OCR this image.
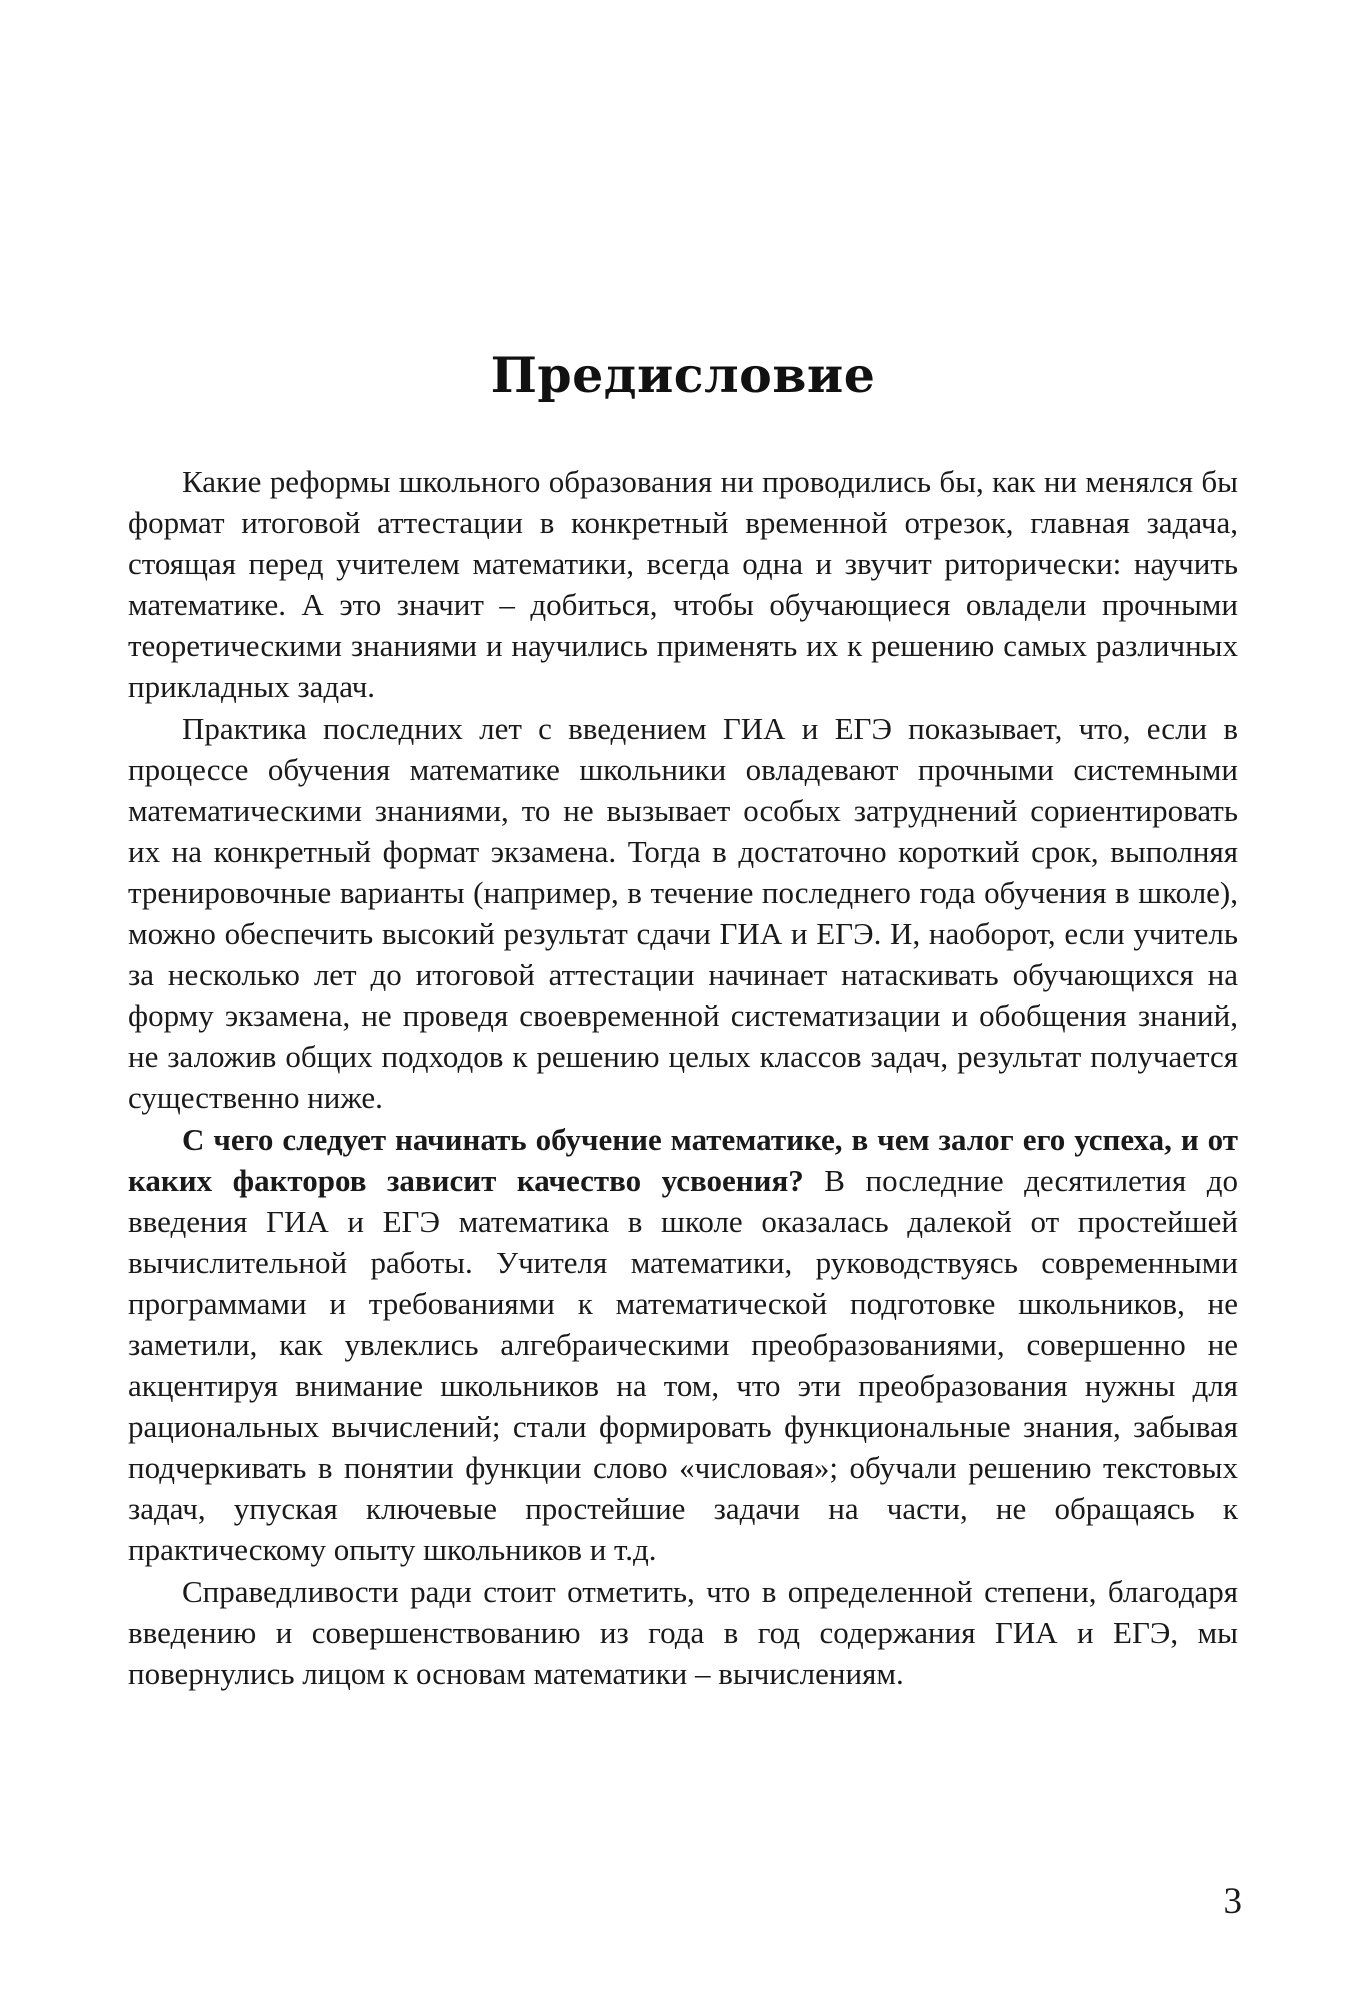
Предисловие

Какие реформы школьного образования ни проводились бы, как ни менялся бы формат итоговой аттестации в конкретный временной отрезок, главная задача, стоящая перед учителем математики, всегда одна и звучит риторически: научить математике. А это значит – добиться, чтобы обучающиеся овладели прочными теоретическими знаниями и научились применять их к решению самых различных прикладных задач.

Практика последних лет с введением ГИА и ЕГЭ показывает, что, если в процессе обучения математике школьники овладевают прочными системными математическими знаниями, то не вызывает особых затруднений сориентировать их на конкретный формат экзамена. Тогда в достаточно короткий срок, выполняя тренировочные варианты (например, в течение последнего года обучения в школе), можно обеспечить высокий результат сдачи ГИА и ЕГЭ. И, наоборот, если учитель за несколько лет до итоговой аттестации начинает натаскивать обучающихся на форму экзамена, не проведя своевременной систематизации и обобщения знаний, не заложив общих подходов к решению целых классов задач, результат получается существенно ниже.

С чего следует начинать обучение математике, в чем залог его успеха, и от каких факторов зависит качество усвоения? В последние десятилетия до введения ГИА и ЕГЭ математика в школе оказалась далекой от простейшей вычислительной работы. Учителя математики, руководствуясь современными программами и требованиями к математической подготовке школьников, не заметили, как увлеклись алгебраическими преобразованиями, совершенно не акцентируя внимание школьников на том, что эти преобразования нужны для рациональных вычислений; стали формировать функциональные знания, забывая подчеркивать в понятии функции слово «числовая»; обучали решению текстовых задач, упуская ключевые простейшие задачи на части, не обращаясь к практическому опыту школьников и т.д.

Справедливости ради стоит отметить, что в определенной степени, благодаря введению и совершенствованию из года в год содержания ГИА и ЕГЭ, мы повернулись лицом к основам математики – вычислениям.

3
